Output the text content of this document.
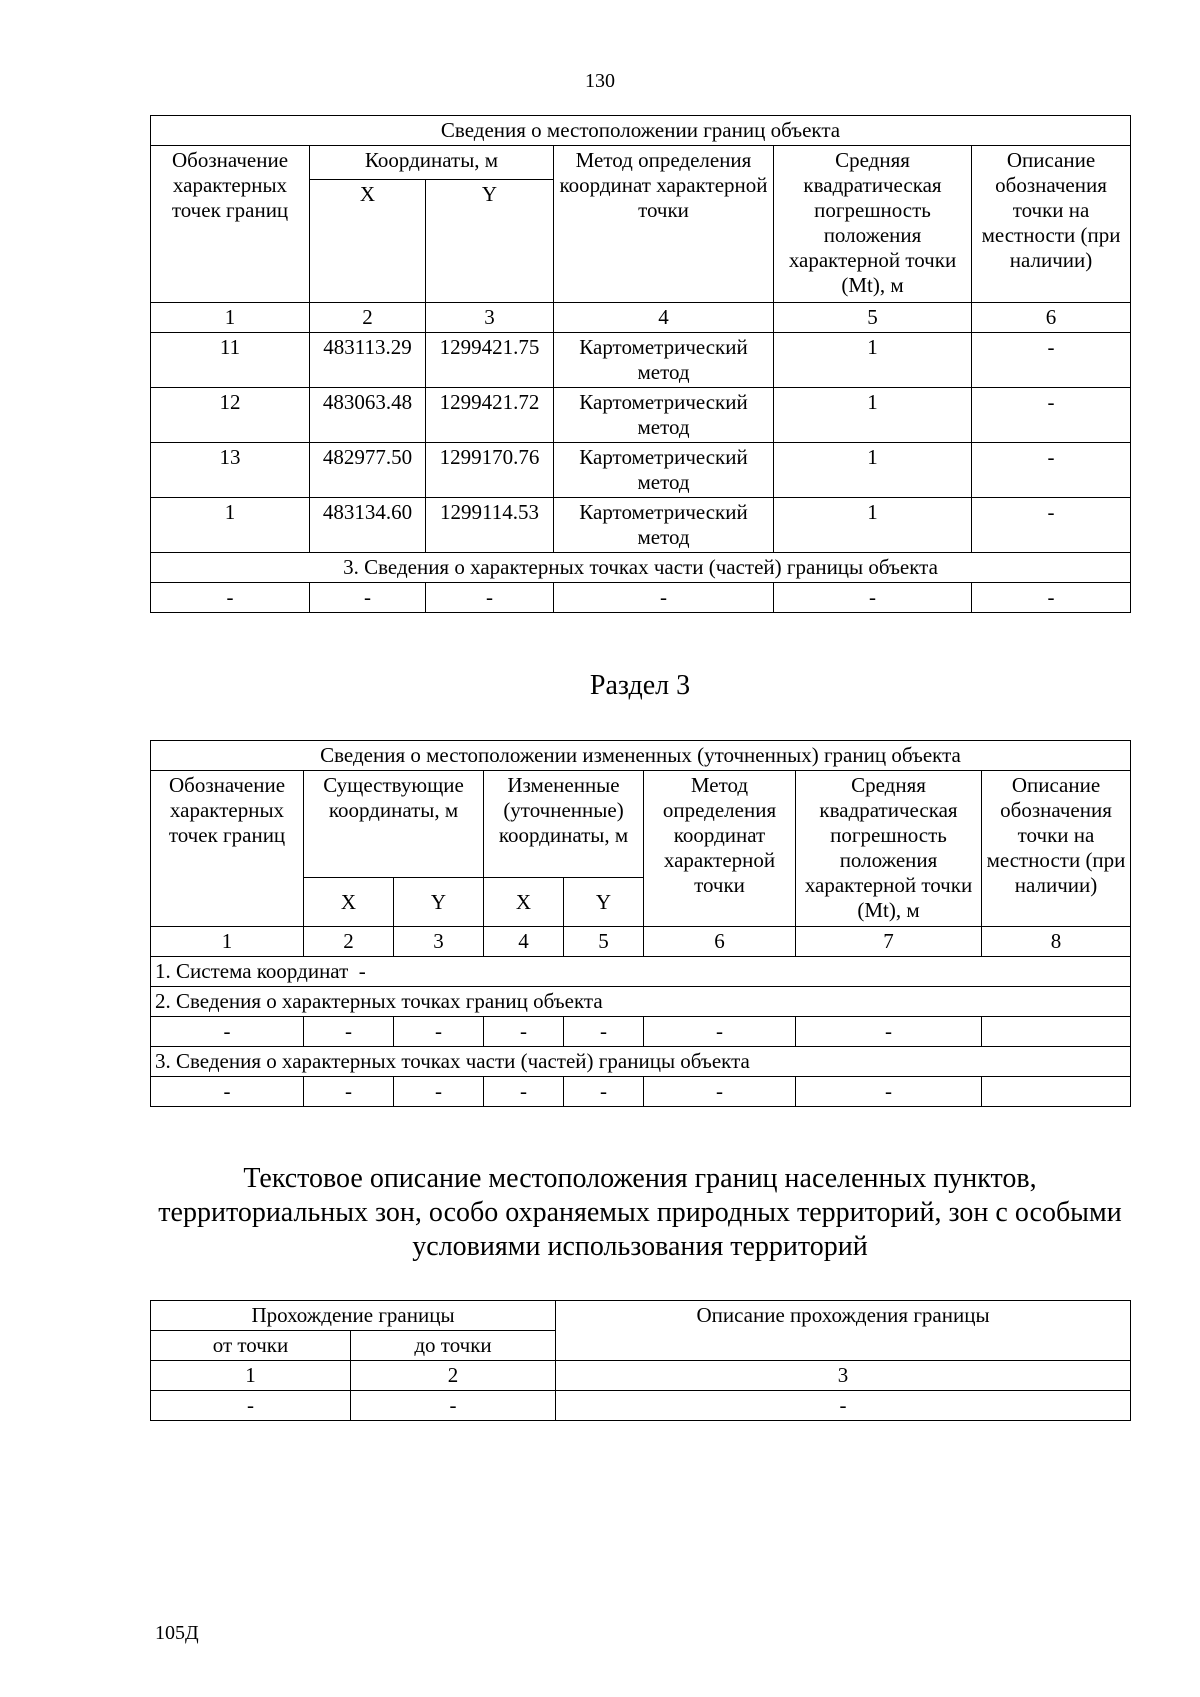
130
Сведения о местоположении границ объекта					
Обозначение характерных точек границ	Координаты, м		Метод определения координат характерной точки	Средняя квадратическая погрешность положения характерной точки (Mt), м	Описание обозначения точки на местности (при наличии)
	X	Y			
1	2	3	4	5	6
11	483113.29	1299421.75	Картометрический метод	1	-
12	483063.48	1299421.72	Картометрический метод	1	-
13	482977.50	1299170.76	Картометрический метод	1	-
1	483134.60	1299114.53	Картометрический метод	1	-
3. Сведения о характерных точках части (частей) границы объекта					
-	-	-	-	-	-
Раздел 3
Сведения о местоположении измененных (уточненных) границ объекта							
Обозначение характерных точек границ	Существующие координаты, м		Измененные (уточненные) координаты, м		Метод определения координат характерной точки	Средняя квадратическая погрешность положения характерной точки (Mt), м	Описание обозначения точки на местности (при наличии)
	X	Y	X	Y			
1	2	3	4	5	6	7	8
1. Система координат  -							
2. Сведения о характерных точках границ объекта							
-	-	-	-	-	-	-	
3. Сведения о характерных точках части (частей) границы объекта							
-	-	-	-	-	-	-	
Текстовое описание местоположения границ населенных пунктов, территориальных зон, особо охраняемых природных территорий, зон с особыми условиями использования территорий
Прохождение границы		Описание прохождения границы
от точки	до точки	
1	2	3
-	-	-
105Д
